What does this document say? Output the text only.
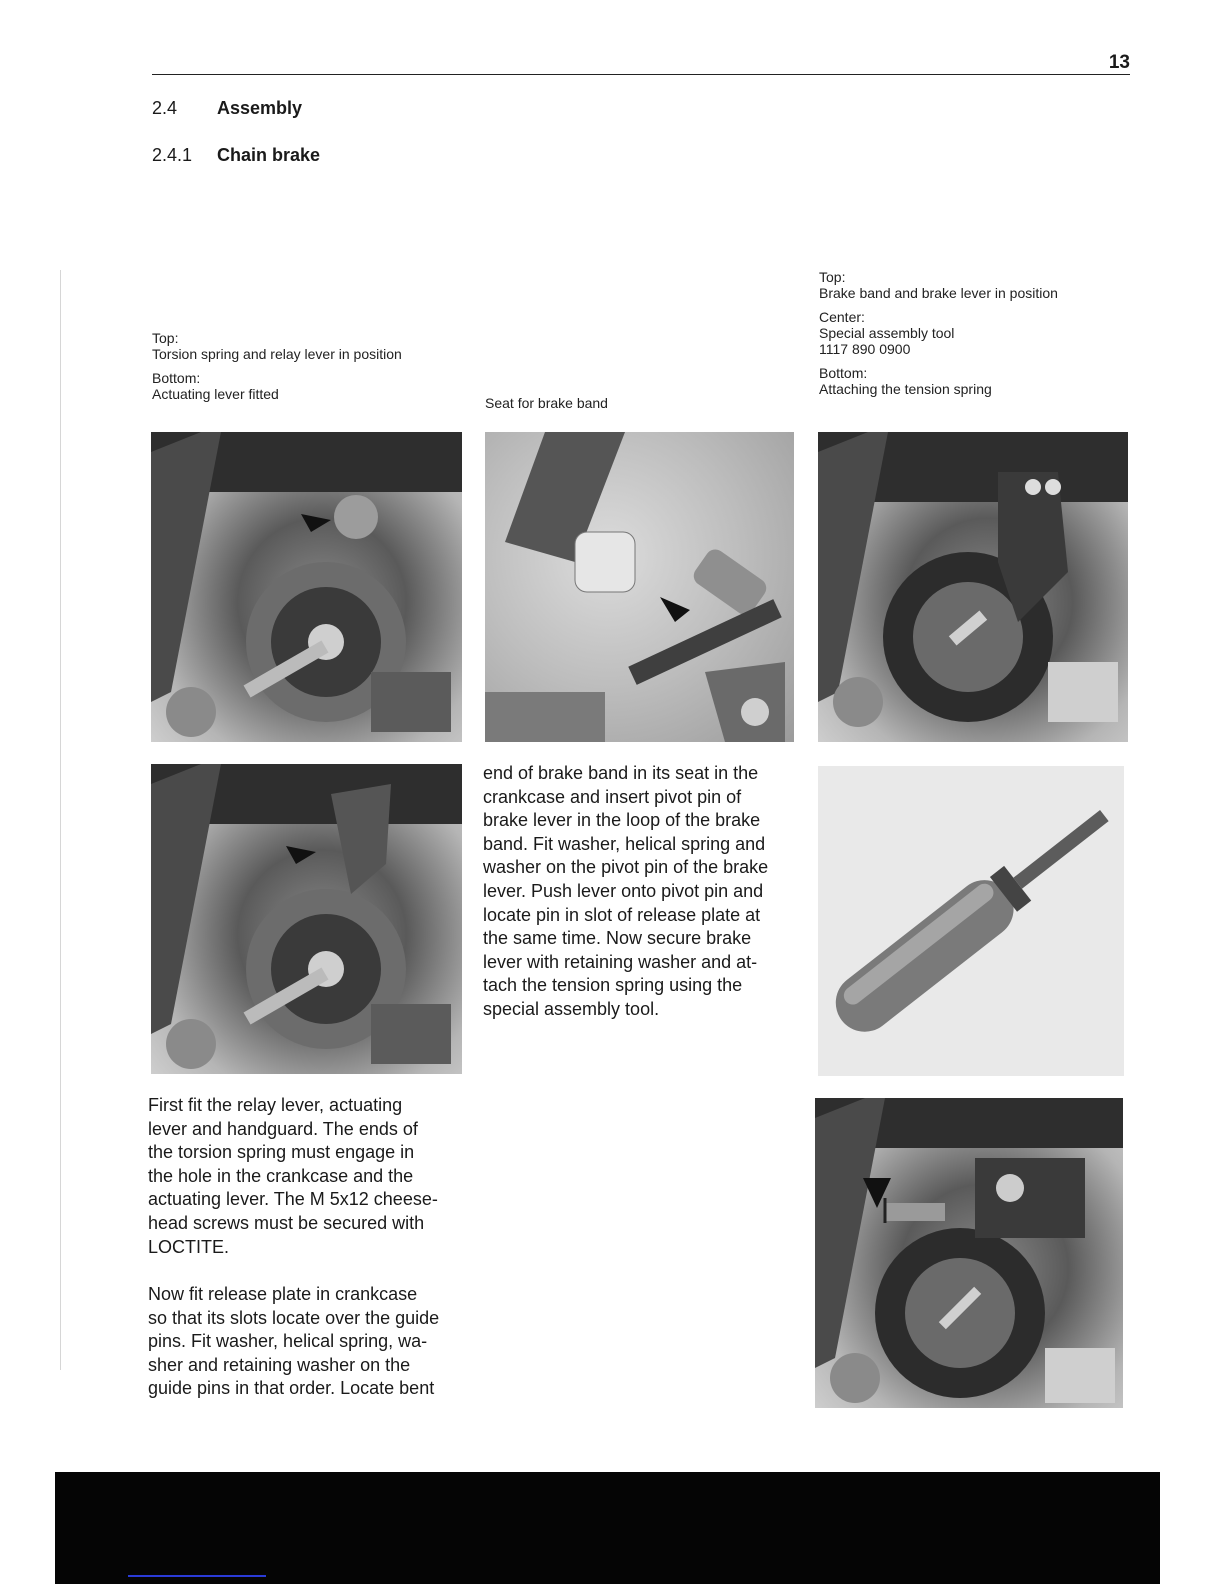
13
2.4 Assembly
2.4.1 Chain brake
Top:
Torsion spring and relay lever in position
Bottom:
Actuating lever fitted
Seat for brake band
Top:
Brake band and brake lever in position
Center:
Special assembly tool
1117 890 0900
Bottom:
Attaching the tension spring
First fit the relay lever, actuating
lever and handguard. The ends of
the torsion spring must engage in
the hole in the crankcase and the
actuating lever. The M 5x12 cheese-
head screws must be secured with
LOCTITE.
Now fit release plate in crankcase
so that its slots locate over the guide
pins. Fit washer, helical spring, wa-
sher and retaining washer on the
guide pins in that order. Locate bent
end of brake band in its seat in the
crankcase and insert pivot pin of
brake lever in the loop of the brake
band. Fit washer, helical spring and
washer on the pivot pin of the brake
lever. Push lever onto pivot pin and
locate pin in slot of release plate at
the same time. Now secure brake
lever with retaining washer and at-
tach the tension spring using the
special assembly tool.
